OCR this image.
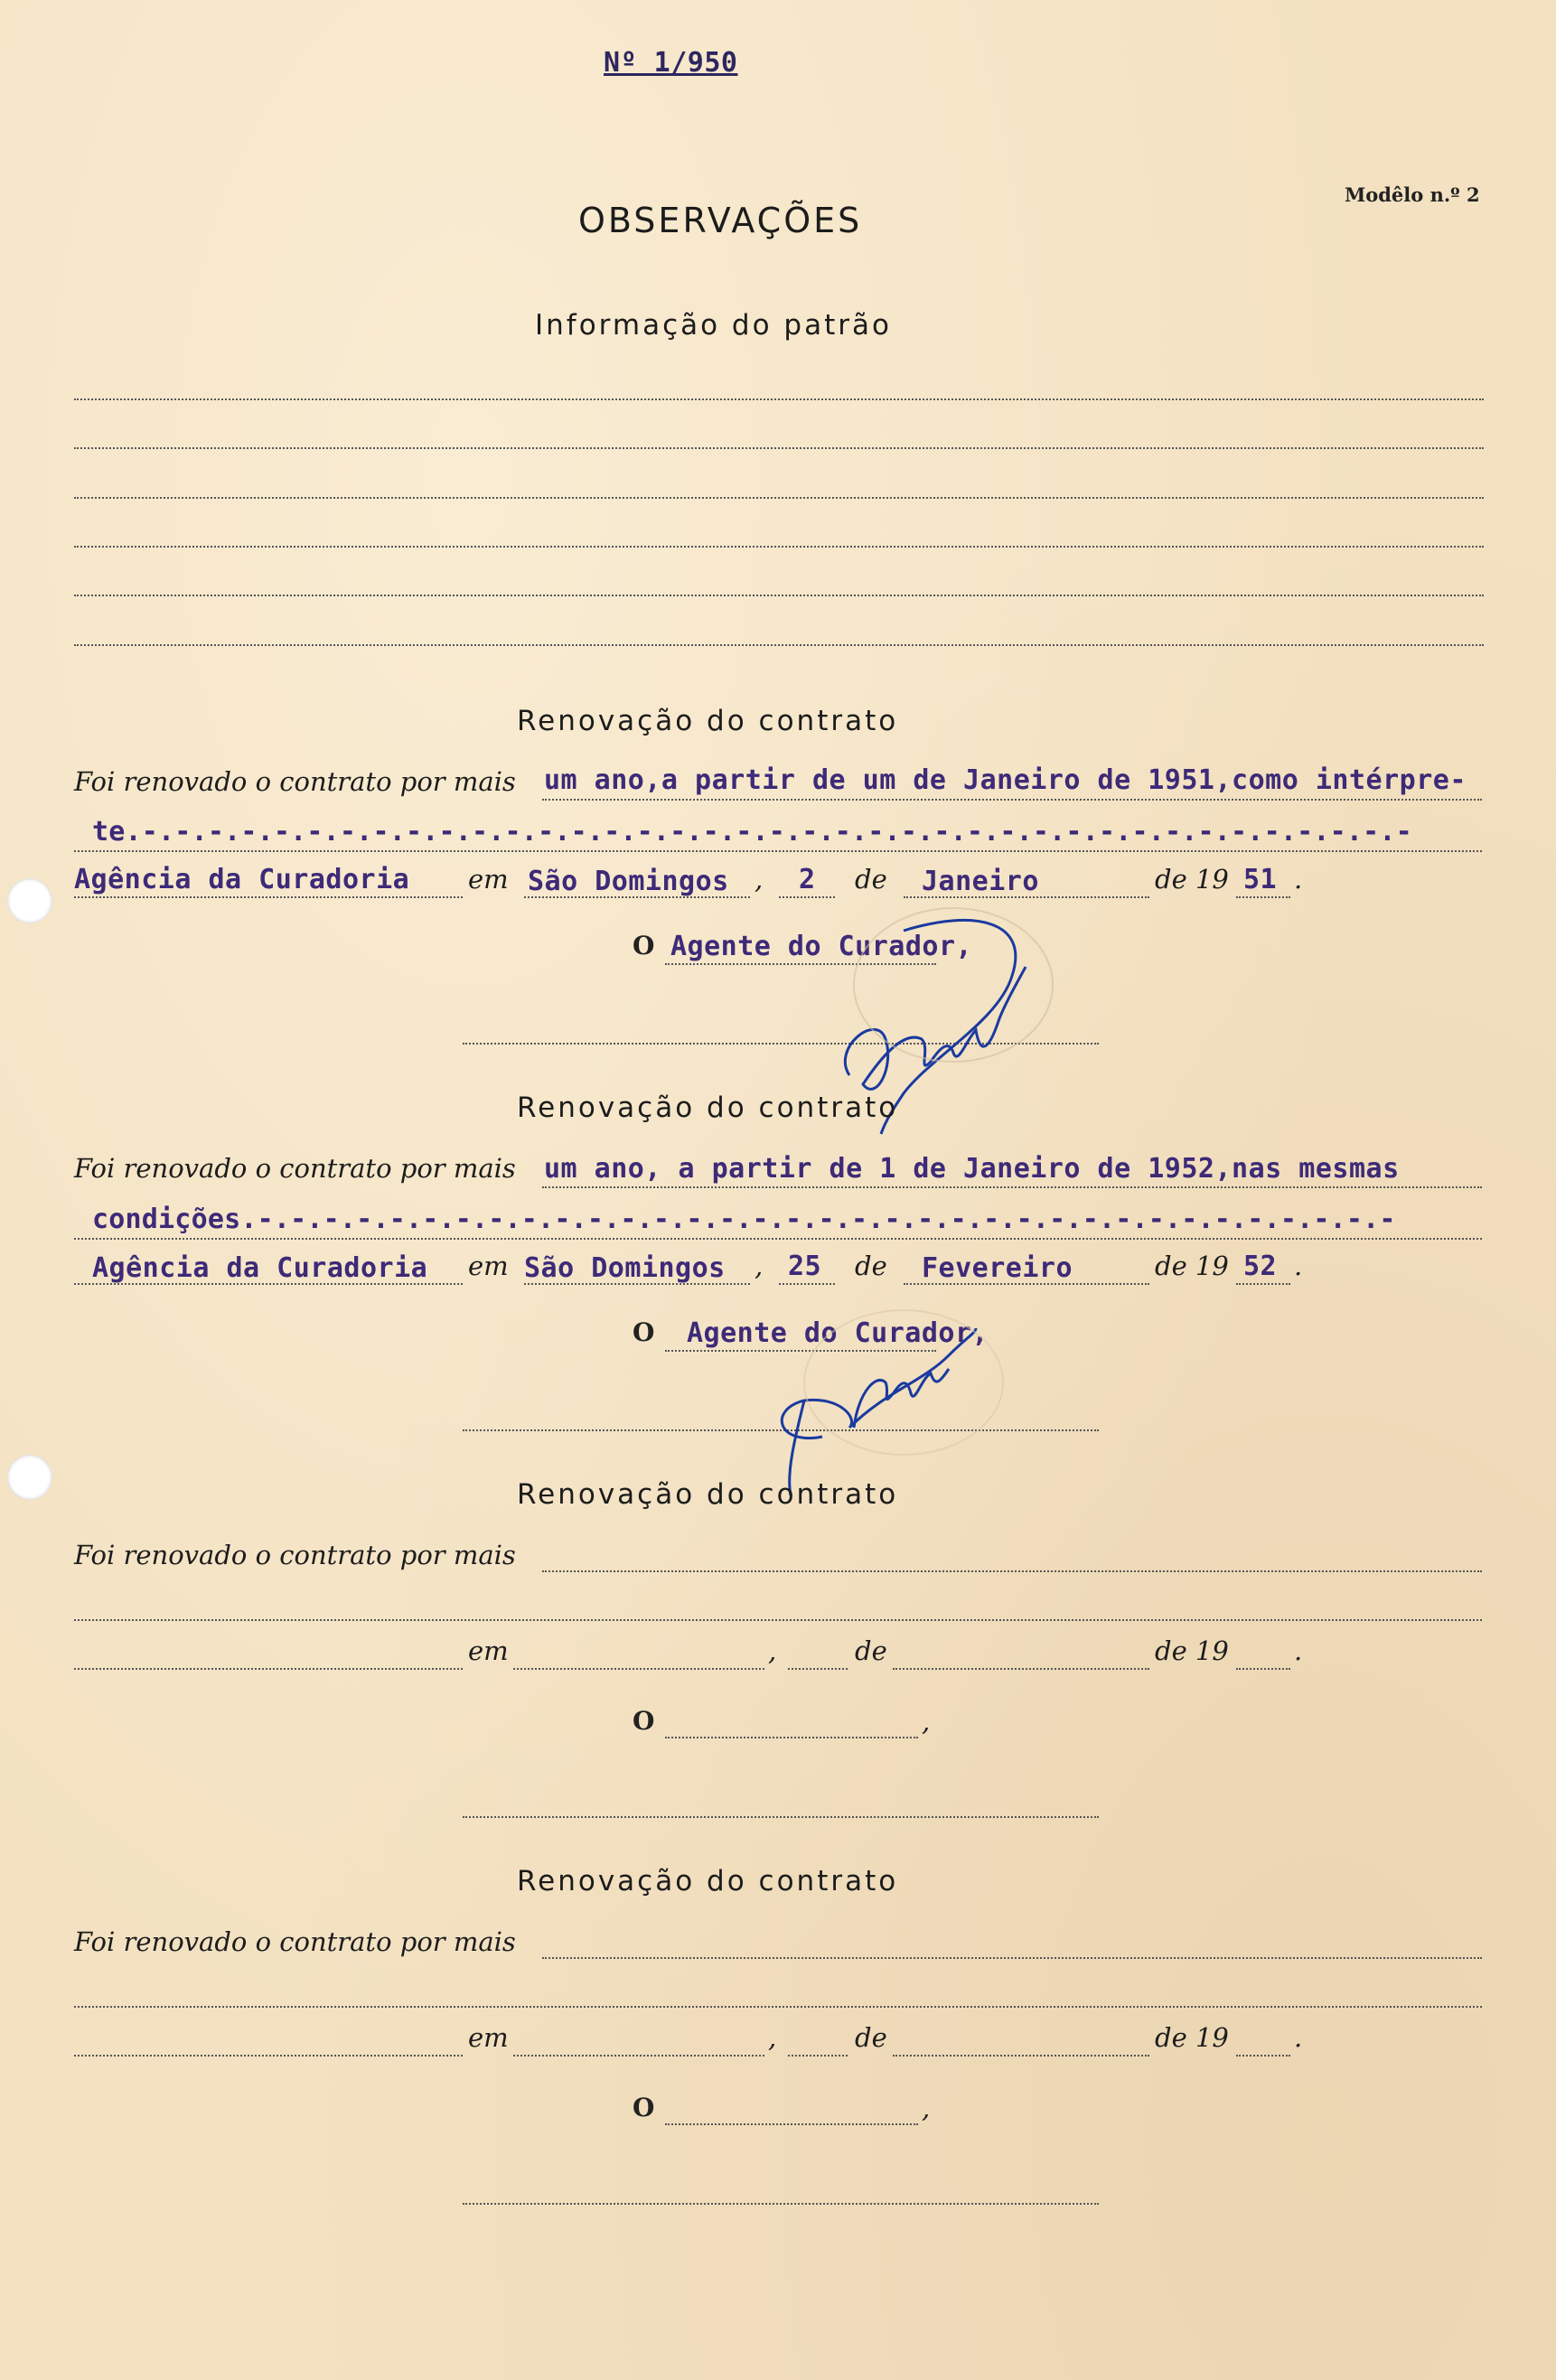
Nº 1/950
OBSERVAÇÕES
Modêlo n.º 2
Informação do patrão
Renovação do contrato
Foi renovado o contrato por mais um ano,a partir de um de Janeiro de 1951,como intérpre-
te.-.-.-.-.-.-.-.-.-.-.-.-.-.-.-.-.-.-.-.-.-.-.-.-.-.-.-.-.-.-.-.-.-.-.-.-.-.-.-
Agência da Curadoria em São Domingos , 2 de Janeiro	de 19 51 .
O Agente do Curador,
Renovação do contrato
Foi renovado o contrato por mais um ano, a partir de 1 de Janeiro de 1952,nas mesmas
condições.-.-.-.-.-.-.-.-.-.-.-.-.-.-.-.-.-.-.-.-.-.-.-.-.-.-.-.-.-.-.-.-.-.-.-
Agência da Curadoria em São Domingos , 25 de Fevereiro	de 19 52 .
O Agente do Curador,
Renovação do contrato
Foi renovado o contrato por mais
em	,	de	de 19 .
O	,
Renovação do contrato
Foi renovado o contrato por mais
em	,	de	de 19 .
O	,
